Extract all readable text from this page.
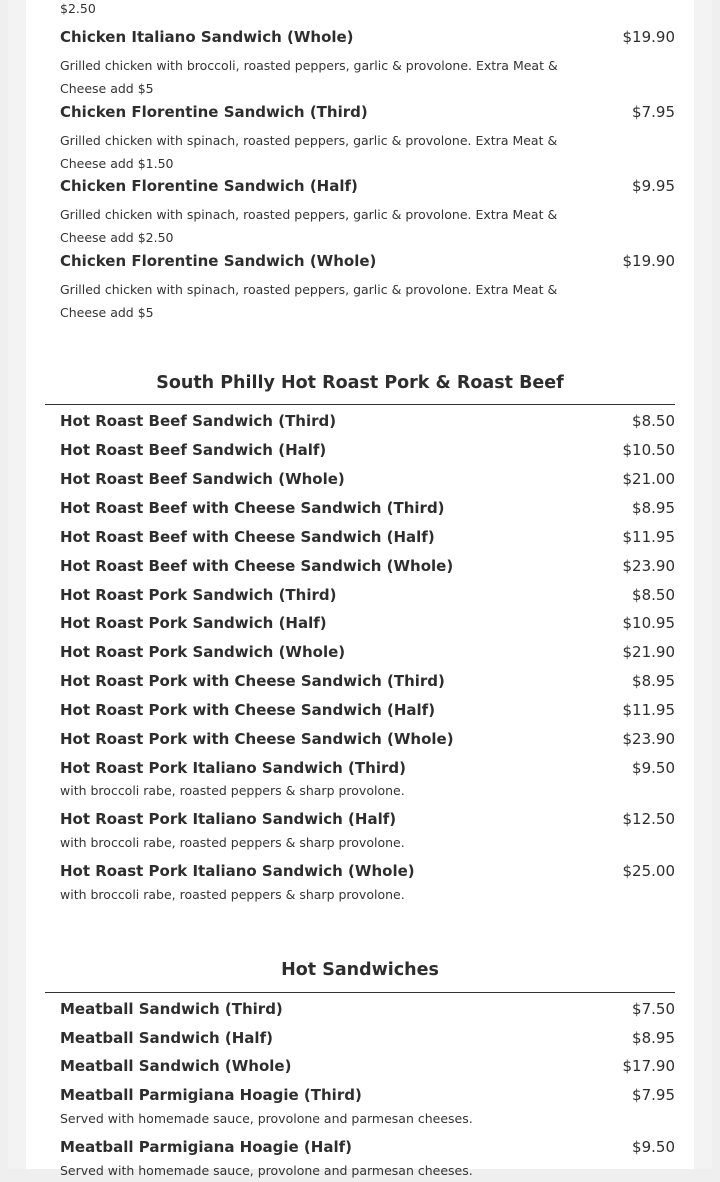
$2.50
Chicken Italiano Sandwich (Whole)	$19.90
Grilled chicken with broccoli, roasted peppers, garlic & provolone. Extra Meat & Cheese add $5
Chicken Florentine Sandwich (Third)	$7.95
Grilled chicken with spinach, roasted peppers, garlic & provolone. Extra Meat & Cheese add $1.50
Chicken Florentine Sandwich (Half)	$9.95
Grilled chicken with spinach, roasted peppers, garlic & provolone. Extra Meat & Cheese add $2.50
Chicken Florentine Sandwich (Whole)	$19.90
Grilled chicken with spinach, roasted peppers, garlic & provolone. Extra Meat & Cheese add $5
South Philly Hot Roast Pork & Roast Beef
Hot Roast Beef Sandwich (Third)	$8.50
Hot Roast Beef Sandwich (Half)	$10.50
Hot Roast Beef Sandwich (Whole)	$21.00
Hot Roast Beef with Cheese Sandwich (Third)	$8.95
Hot Roast Beef with Cheese Sandwich (Half)	$11.95
Hot Roast Beef with Cheese Sandwich (Whole)	$23.90
Hot Roast Pork Sandwich (Third)	$8.50
Hot Roast Pork Sandwich (Half)	$10.95
Hot Roast Pork Sandwich (Whole)	$21.90
Hot Roast Pork with Cheese Sandwich (Third)	$8.95
Hot Roast Pork with Cheese Sandwich (Half)	$11.95
Hot Roast Pork with Cheese Sandwich (Whole)	$23.90
Hot Roast Pork Italiano Sandwich (Third)	$9.50
with broccoli rabe, roasted peppers & sharp provolone.
Hot Roast Pork Italiano Sandwich (Half)	$12.50
with broccoli rabe, roasted peppers & sharp provolone.
Hot Roast Pork Italiano Sandwich (Whole)	$25.00
with broccoli rabe, roasted peppers & sharp provolone.
Hot Sandwiches
Meatball Sandwich (Third)	$7.50
Meatball Sandwich (Half)	$8.95
Meatball Sandwich (Whole)	$17.90
Meatball Parmigiana Hoagie (Third)	$7.95
Served with homemade sauce, provolone and parmesan cheeses.
Meatball Parmigiana Hoagie (Half)	$9.50
Served with homemade sauce, provolone and parmesan cheeses.
